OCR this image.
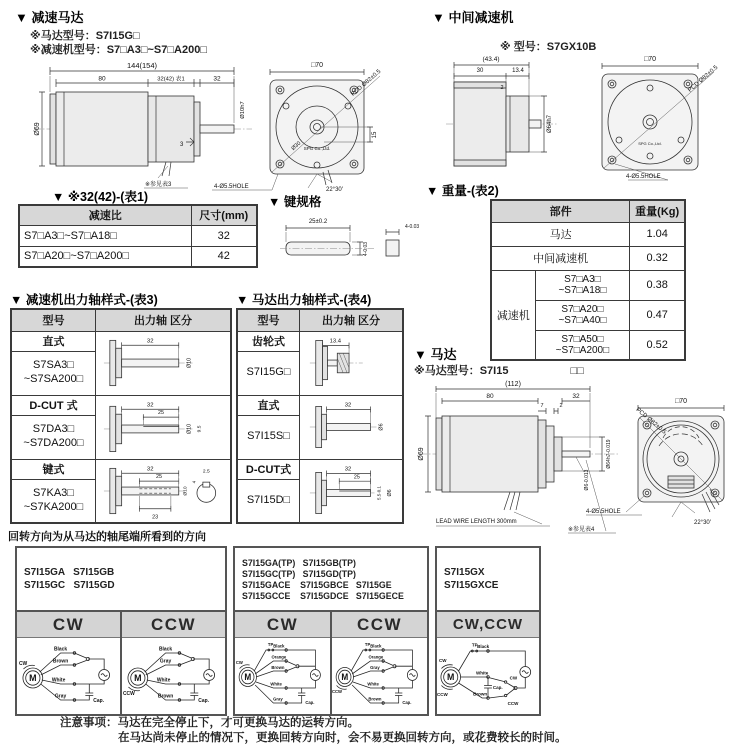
▼ 减速马达
※马达型号：S7I15G□
※减速机型号：S7□A3□~S7□A200□
144(154)
80	32(42) 表1	32
Ø69
Ø10h7
3
※参见表3	4-Ø5.5HOLE
□70
PCD Ø82±0.5
Ø30
15
22°30′
SPG Co.,Ltd.
▼ 中间减速机
※ 型号：S7GX10B
(43.4)
30	13.4
2
Ø64h7
□70
PCD Ø82±0.5
4-Ø5.5HOLE
SPG Co.,Ltd.
▼ ※32(42)-(表1)
减速比	尺寸(mm)
S7□A3□~S7□A18□	32
S7□A20□~S7□A200□	42
▼ 键规格
25±0.2
4-0.03
4-0.03
▼ 重量-(表2)
部件		重量(Kg)
马达		1.04
中间减速机		0.32
减速机	S7□A3□
~S7□A18□	0.38

	S7□A20□
~S7□A40□	0.47

	S7□A50□
~S7□A200□	0.52
▼ 减速机出力轴样式-(表3)
型号	出力轴 区分
直式	32
Ø10

S7SA3□
~S7SA200□	

D-CUT 式	32
25
Ø10 9.5

S7DA3□
~S7DA200□	

键式	32
25
23
Ø10
2.5
4

S7KA3□
~S7KA200□	
回转方向为从马达的轴尾端所看到的方向
▼ 马达出力轴样式-(表4)
型号	出力轴 区分
齿轮式	13.4

S7I15G□	

直式	32
Ø6

S7I15S□	

D-CUT式	32
25
5.5-0.1 Ø6

S7I15D□	
▼ 马达
※马达型号：S7I15	□□
(112)
80	32
7	2
Ø69
Ø6-0.013
Ø64h7-0.019
LEAD WIRE LENGTH 300mm
※参见表4
□70
PCD Ø82±0.5
4-Ø5.5HOLE
22°30′
S7I15GA   S7I15GB
S7I15GC   S7I15GD
CW
CW
M
Black
Brown
White
Gray
Cap.
CCW
CCW
M
Black
Gray
White
Brown
Cap.
S7I15GA(TP)   S7I15GB(TP)
S7I15GC(TP)   S7I15GD(TP)
S7I15GACE    S7I15GBCE   S7I15GE
S7I15GCCE    S7I15GDCE   S7I15GECE
CW
CW
M
TP Black
Orange
Brown
White
Gray
Cap.
CCW
CCW
M
TP Black
Orange
Gray
White
Brown
Cap.
S7I15GX
S7I15GXCE
CW,CCW
CW
CCW
M
TP Black
White
Brown
Cap.
CW
CCW
注意事项：马达在完全停止下，才可更换马达的运转方向。
在马达尚未停止的情况下，更换回转方向时，会不易更换回转方向，或花费较长的时间。
